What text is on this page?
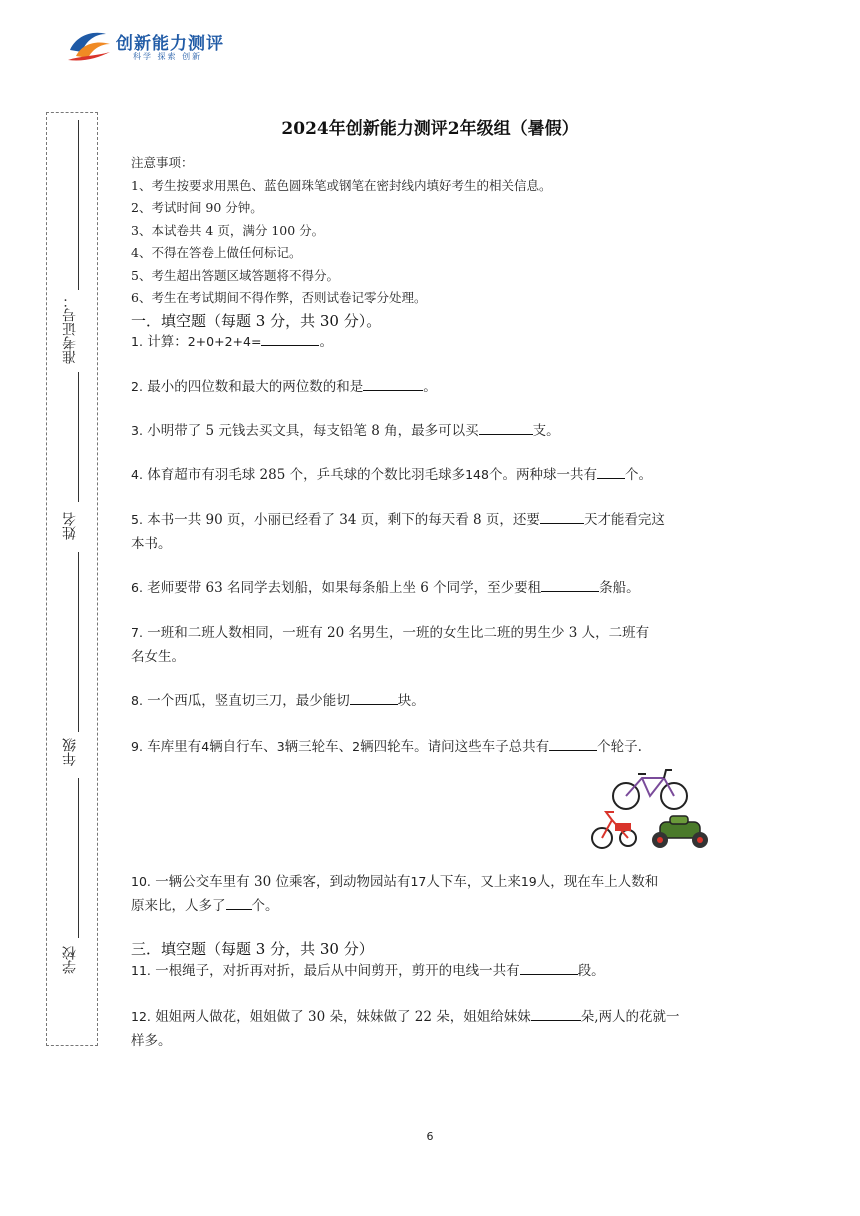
创新能力测评
科学 探索 创新
准考证号：
姓名
年级
学校
2024年创新能力测评2年级组（暑假）
注意事项：
1、考生按要求用黑色、蓝色圆珠笔或钢笔在密封线内填好考生的相关信息。
2、考试时间 90 分钟。
3、本试卷共 4 页，满分 100 分。
4、不得在答卷上做任何标记。
5、考生超出答题区域答题将不得分。
6、考生在考试期间不得作弊，否则试卷记零分处理。
一．填空题（每题 3 分，共 30 分）。
1. 计算：2+0+2+4=	。
2. 最小的四位数和最大的两位数的和是	。
3. 小明带了 5 元钱去买文具，每支铅笔 8 角，最多可以买	支。
4. 体育超市有羽毛球 285 个，乒乓球的个数比羽毛球多148个。两种球一共有 个。
5. 本书一共 90 页，小丽已经看了 34 页，剩下的每天看 8 页，还要	天才能看完这
本书。
6. 老师要带 63 名同学去划船，如果每条船上坐 6 个同学，至少要租	条船。
7. 一班和二班人数相同，一班有 20 名男生，一班的女生比二班的男生少 3 人，二班有
名女生。
8. 一个西瓜，竖直切三刀，最少能切	块。
9. 车库里有4辆自行车、3辆三轮车、2辆四轮车。请问这些车子总共有	个轮子.
10. 一辆公交车里有 30 位乘客，到动物园站有17人下车，又上来19人，现在车上人数和
原来比，人多了 个。
三．填空题（每题 3 分，共 30 分）
11. 一根绳子，对折再对折，最后从中间剪开，剪开的电线一共有	段。
12. 姐姐两人做花，姐姐做了 30 朵，妹妹做了 22 朵，姐姐给妹妹	朵,两人的花就一
样多。
6
